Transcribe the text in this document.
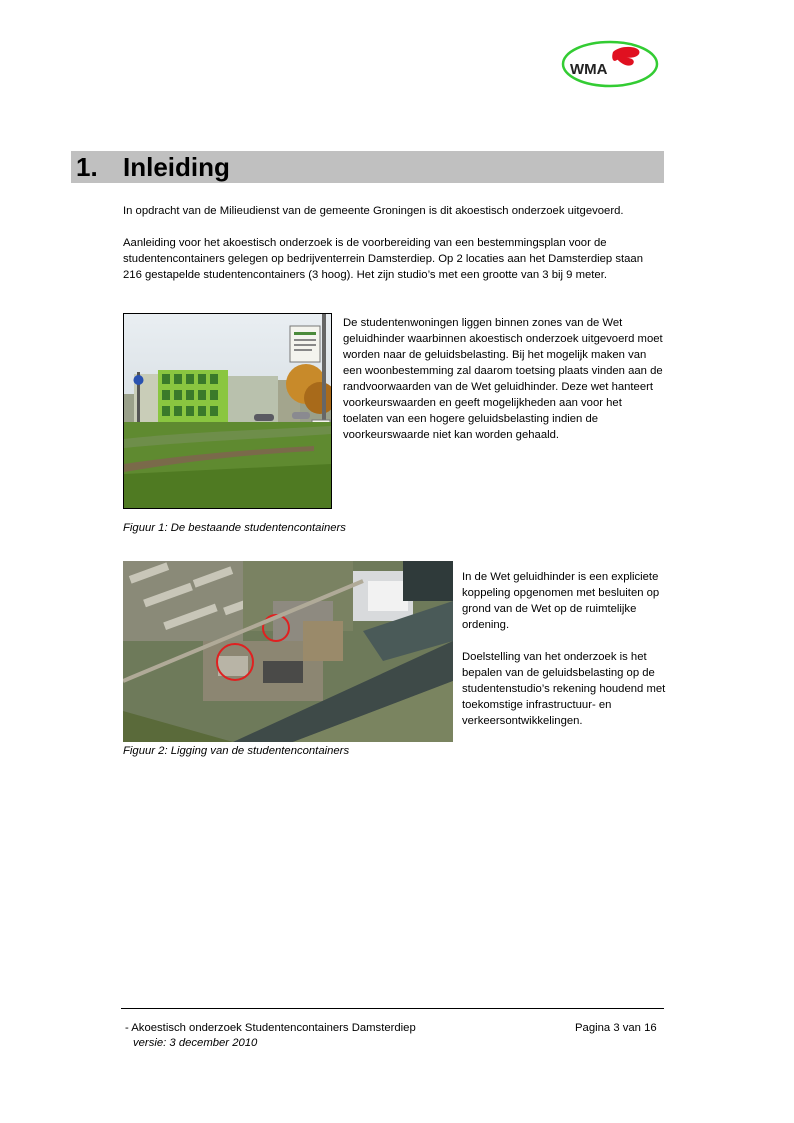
WMA
1. Inleiding
In opdracht van de Milieudienst van de gemeente Groningen is dit akoestisch onderzoek uitgevoerd.
Aanleiding voor het akoestisch onderzoek is de voorbereiding van een bestemmingsplan voor de studentencontainers gelegen op bedrijventerrein Damsterdiep. Op 2 locaties aan het Damsterdiep staan 216 gestapelde studentencontainers (3 hoog). Het zijn studio’s met een grootte van 3 bij 9 meter.
De studentenwoningen liggen binnen zones van de Wet geluidhinder waarbinnen akoestisch onderzoek uitgevoerd moet worden naar de geluidsbelasting. Bij het mogelijk maken van een woonbestemming zal daarom toetsing plaats vinden aan de randvoorwaarden van de Wet geluidhinder. Deze wet hanteert voorkeurswaarden en geeft mogelijkheden aan voor het toelaten van een hogere geluidsbelasting indien de voorkeurswaarde niet kan worden gehaald.
Figuur 1: De bestaande studentencontainers
In de Wet geluidhinder is een expliciete koppeling opgenomen met besluiten op grond van de Wet op de ruimtelijke ordening.
Doelstelling van het onderzoek is het bepalen van de geluidsbelasting op de studentenstudio’s rekening houdend met toekomstige infrastructuur- en verkeersontwikkelingen.
Figuur 2: Ligging van de studentencontainers
- Akoestisch onderzoek Studentencontainers Damsterdiep
versie: 3 december 2010
Pagina 3 van 16
